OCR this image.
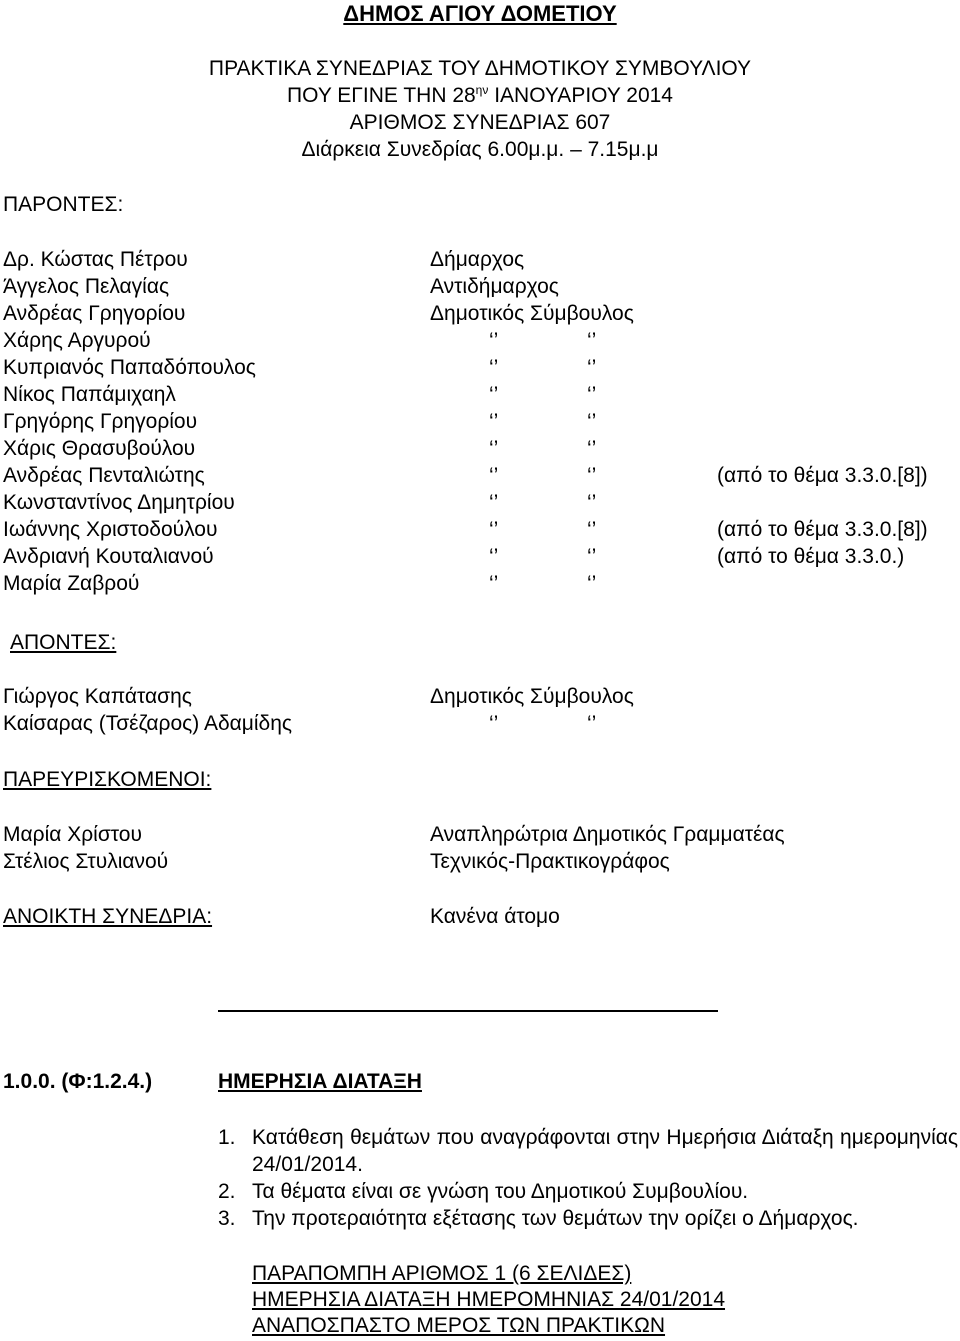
ΔΗΜΟΣ ΑΓΙΟΥ ΔΟΜΕΤΙΟΥ
ΠΡΑΚΤΙΚΑ ΣΥΝΕΔΡΙΑΣ ΤΟΥ ΔΗΜΟΤΙΚΟΥ ΣΥΜΒΟΥΛΙΟΥ
ΠΟΥ ΕΓΙΝΕ ΤΗΝ $28^{\eta\nu}$ ΙΑΝΟΥΑΡΙΟΥ 2014
ΑΡΙΘΜΟΣ ΣΥΝΕΔΡΙΑΣ 607
Διάρκεια Συνεδρίας 6.00μ.μ. – 7.15μ.μ
ΠΑΡΟΝΤΕΣ:
Δρ. Κώστας Πέτρου	Δήμαρχος
Άγγελος Πελαγίας	Αντιδήμαρχος
Ανδρέας Γρηγορίου	Δημοτικός Σύμβουλος
Χάρης Αργυρού	‘’	‘’
Κυπριανός Παπαδόπουλος	‘’	‘’
Νίκος Παπάμιχαηλ	‘’	‘’
Γρηγόρης Γρηγορίου	‘’	‘’
Χάρις Θρασυβούλου	‘’	‘’
Ανδρέας Πενταλιώτης	‘’	‘’	(από το θέμα 3.3.0.[8])
Κωνσταντίνος Δημητρίου	‘’	‘’
Ιωάννης Χριστοδούλου	‘’	‘’	(από το θέμα 3.3.0.[8])
Ανδριανή Κουταλιανού	‘’	‘’	(από το θέμα 3.3.0.)
Μαρία Ζαβρού	‘’	‘’
ΑΠΟΝΤΕΣ:
Γιώργος Καπάτασης	Δημοτικός Σύμβουλος
Καίσαρας (Τσέζαρος) Αδαμίδης	‘’	‘’
ΠΑΡΕΥΡΙΣΚΟΜΕΝΟΙ:
Μαρία Χρίστου	Αναπληρώτρια Δημοτικός Γραμματέας
Στέλιος Στυλιανού	Τεχνικός-Πρακτικογράφος
ΑΝΟΙΚΤΗ ΣΥΝΕΔΡΙΑ:	Κανένα άτομο
1.0.0. (Φ:1.2.4.)	ΗΜΕΡΗΣΙΑ ΔΙΑΤΑΞΗ
1. Κατάθεση θεμάτων που αναγράφονται στην Ημερήσια Διάταξη ημερομηνίας 24/01/2014.
2. Τα θέματα είναι σε γνώση του Δημοτικού Συμβουλίου.
3. Την προτεραιότητα εξέτασης των θεμάτων την ορίζει ο Δήμαρχος.
ΠΑΡΑΠΟΜΠΗ ΑΡΙΘΜΟΣ 1 (6 ΣΕΛΙΔΕΣ)
ΗΜΕΡΗΣΙΑ ΔΙΑΤΑΞΗ ΗΜΕΡΟΜΗΝΙΑΣ 24/01/2014
ΑΝΑΠΟΣΠΑΣΤΟ ΜΕΡΟΣ ΤΩΝ ΠΡΑΚΤΙΚΩΝ
